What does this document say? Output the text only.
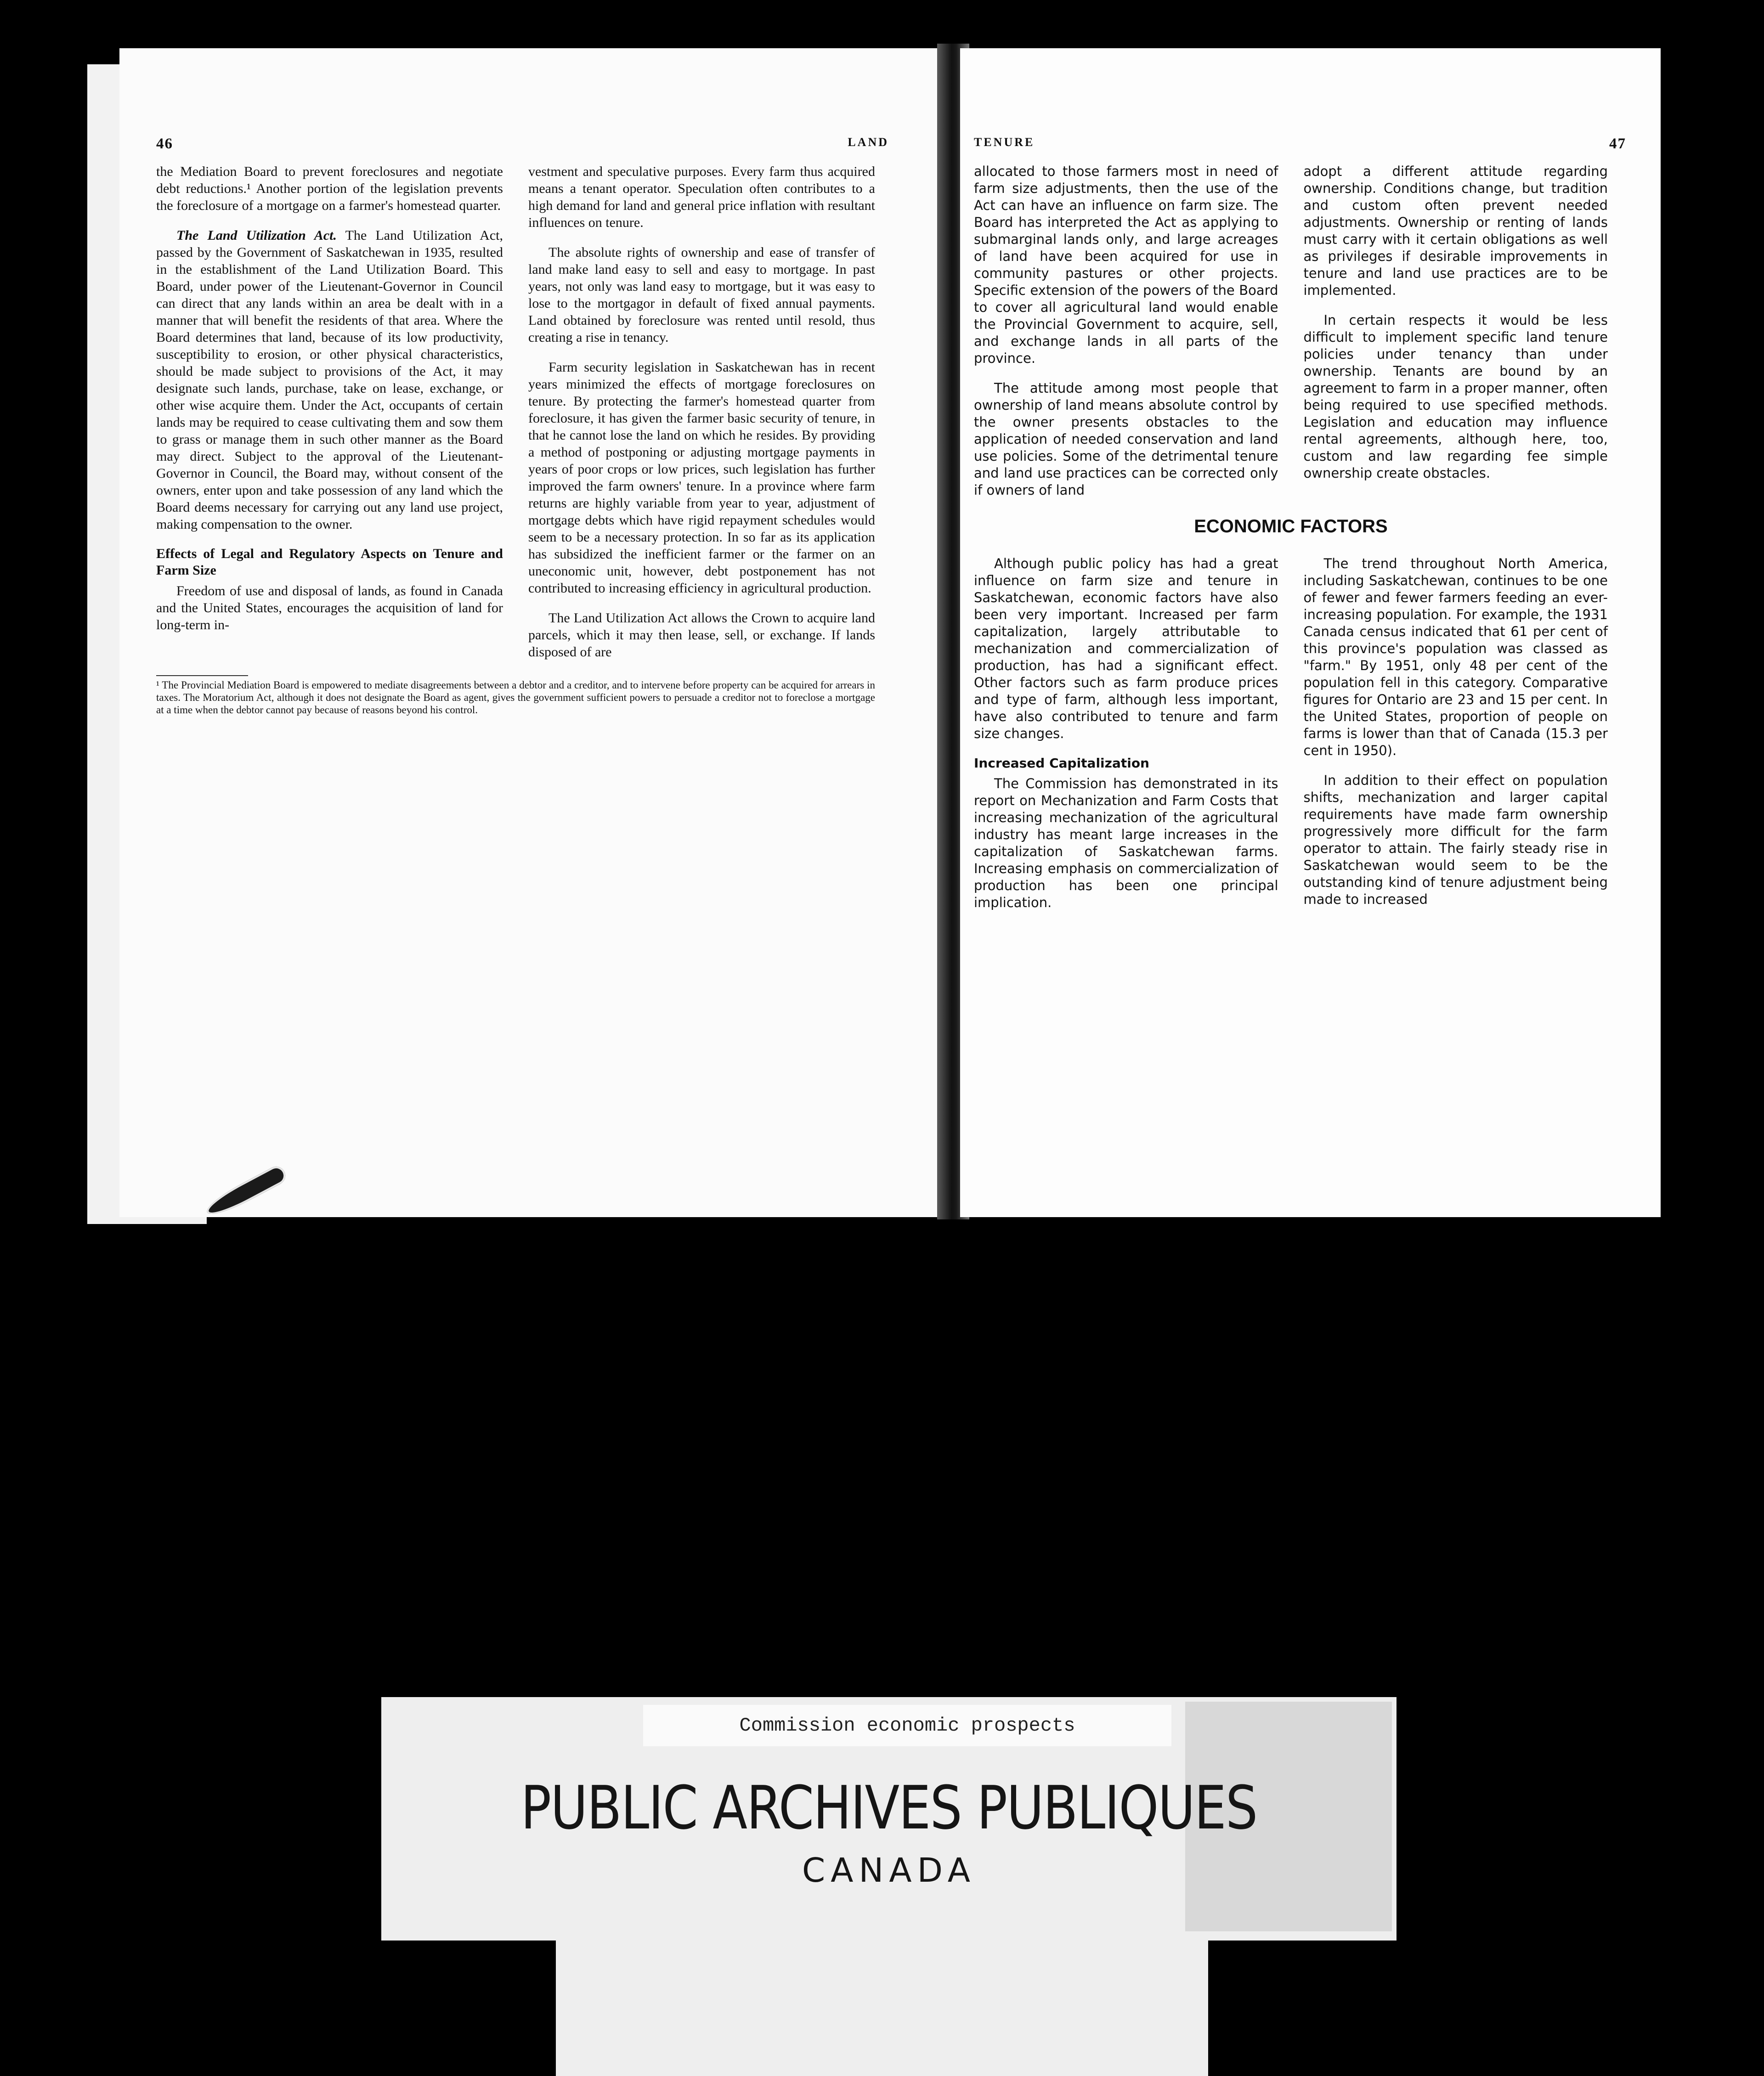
46	LAND

the Mediation Board to prevent foreclosures and negotiate debt reductions.¹ Another portion of the legislation prevents the foreclosure of a mortgage on a farmer's homestead quarter.

The Land Utilization Act. The Land Utilization Act, passed by the Government of Saskatchewan in 1935, resulted in the establishment of the Land Utilization Board. This Board, under power of the Lieutenant-Governor in Council can direct that any lands within an area be dealt with in a manner that will benefit the residents of that area. Where the Board determines that land, because of its low productivity, susceptibility to erosion, or other physical characteristics, should be made subject to provisions of the Act, it may designate such lands, purchase, take on lease, exchange, or other wise acquire them. Under the Act, occupants of certain lands may be required to cease cultivating them and sow them to grass or manage them in such other manner as the Board may direct. Subject to the approval of the Lieutenant-Governor in Council, the Board may, without consent of the owners, enter upon and take possession of any land which the Board deems necessary for carrying out any land use project, making compensation to the owner.

Effects of Legal and Regulatory Aspects on Tenure and Farm Size

Freedom of use and disposal of lands, as found in Canada and the United States, encourages the acquisition of land for long-term in-

vestment and speculative purposes. Every farm thus acquired means a tenant operator. Speculation often contributes to a high demand for land and general price inflation with resultant influences on tenure.

The absolute rights of ownership and ease of transfer of land make land easy to sell and easy to mortgage. In past years, not only was land easy to mortgage, but it was easy to lose to the mortgagor in default of fixed annual payments. Land obtained by foreclosure was rented until resold, thus creating a rise in tenancy.

Farm security legislation in Saskatchewan has in recent years minimized the effects of mortgage foreclosures on tenure. By protecting the farmer's homestead quarter from foreclosure, it has given the farmer basic security of tenure, in that he cannot lose the land on which he resides. By providing a method of postponing or adjusting mortgage payments in years of poor crops or low prices, such legislation has further improved the farm owners' tenure. In a province where farm returns are highly variable from year to year, adjustment of mortgage debts which have rigid repayment schedules would seem to be a necessary protection. In so far as its application has subsidized the inefficient farmer or the farmer on an uneconomic unit, however, debt postponement has not contributed to increasing efficiency in agricultural production.

The Land Utilization Act allows the Crown to acquire land parcels, which it may then lease, sell, or exchange. If lands disposed of are

¹ The Provincial Mediation Board is empowered to mediate disagreements between a debtor and a creditor, and to intervene before property can be acquired for arrears in taxes. The Moratorium Act, although it does not designate the Board as agent, gives the government sufficient powers to persuade a creditor not to foreclose a mortgage at a time when the debtor cannot pay because of reasons beyond his control.
TENURE	47

allocated to those farmers most in need of farm size adjustments, then the use of the Act can have an influence on farm size. The Board has interpreted the Act as applying to submarginal lands only, and large acreages of land have been acquired for use in community pastures or other projects. Specific extension of the powers of the Board to cover all agricultural land would enable the Provincial Government to acquire, sell, and exchange lands in all parts of the province.

The attitude among most people that ownership of land means absolute control by the owner presents obstacles to the application of needed conservation and land use policies. Some of the detrimental tenure and land use practices can be corrected only if owners of land

adopt a different attitude regarding ownership. Conditions change, but tradition and custom often prevent needed adjustments. Ownership or renting of lands must carry with it certain obligations as well as privileges if desirable improvements in tenure and land use practices are to be implemented.

In certain respects it would be less difficult to implement specific land tenure policies under tenancy than under ownership. Tenants are bound by an agreement to farm in a proper manner, often being required to use specified methods. Legislation and education may influence rental agreements, although here, too, custom and law regarding fee simple ownership create obstacles.

ECONOMIC FACTORS

Although public policy has had a great influence on farm size and tenure in Saskatchewan, economic factors have also been very important. Increased per farm capitalization, largely attributable to mechanization and commercialization of production, has had a significant effect. Other factors such as farm produce prices and type of farm, although less important, have also contributed to tenure and farm size changes.

Increased Capitalization

The Commission has demonstrated in its report on Mechanization and Farm Costs that increasing mechanization of the agricultural industry has meant large increases in the capitalization of Saskatchewan farms. Increasing emphasis on commercialization of production has been one principal implication.

The trend throughout North America, including Saskatchewan, continues to be one of fewer and fewer farmers feeding an ever-increasing population. For example, the 1931 Canada census indicated that 61 per cent of this province's population was classed as "farm." By 1951, only 48 per cent of the population fell in this category. Comparative figures for Ontario are 23 and 15 per cent. In the United States, proportion of people on farms is lower than that of Canada (15.3 per cent in 1950).

In addition to their effect on population shifts, mechanization and larger capital requirements have made farm ownership progressively more difficult for the farm operator to attain. The fairly steady rise in Saskatchewan would seem to be the outstanding kind of tenure adjustment being made to increased

Commission economic prospects
PUBLIC ARCHIVES PUBLIQUES
CANADA
